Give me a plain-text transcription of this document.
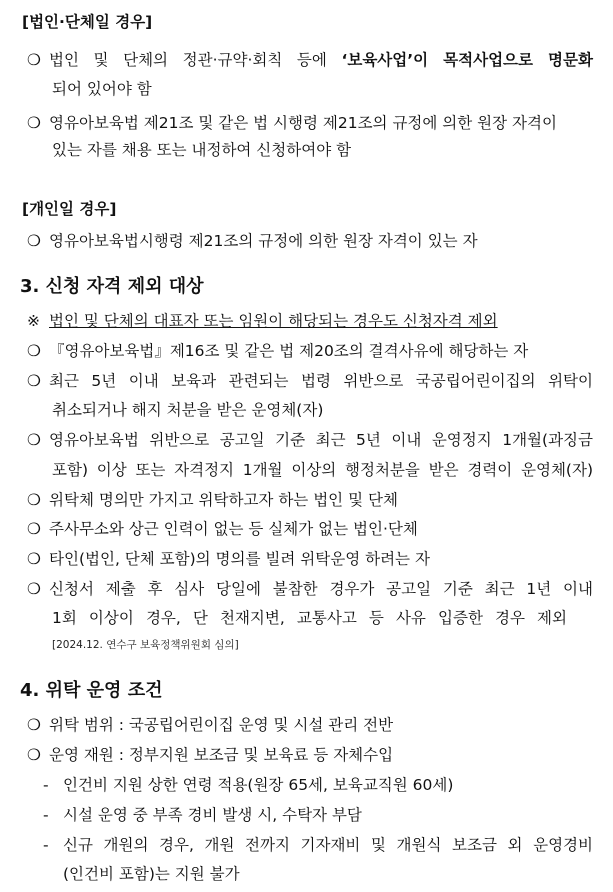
[법인·단체일 경우]
❍ 법인 및 단체의 정관·규약·회칙 등에 ‘보육사업’이 목적사업으로 명문화
되어 있어야 함
❍ 영유아보육법 제21조 및 같은 법 시행령 제21조의 규정에 의한 원장 자격이
있는 자를 채용 또는 내정하여 신청하여야 함
[개인일 경우]
❍ 영유아보육법시행령 제21조의 규정에 의한 원장 자격이 있는 자
3. 신청 자격 제외 대상
※ 법인 및 단체의 대표자 또는 임원이 해당되는 경우도 신청자격 제외
❍ 『영유아보육법』제16조 및 같은 법 제20조의 결격사유에 해당하는 자
❍ 최근 5년 이내 보육과 관련되는 법령 위반으로 국공립어린이집의 위탁이
취소되거나 해지 처분을 받은 운영체(자)
❍ 영유아보육법 위반으로 공고일 기준 최근 5년 이내 운영정지 1개월(과징금
포함) 이상 또는 자격정지 1개월 이상의 행정처분을 받은 경력이 운영체(자)
❍ 위탁체 명의만 가지고 위탁하고자 하는 법인 및 단체
❍ 주사무소와 상근 인력이 없는 등 실체가 없는 법인·단체
❍ 타인(법인, 단체 포함)의 명의를 빌려 위탁운영 하려는 자
❍ 신청서 제출 후 심사 당일에 불참한 경우가 공고일 기준 최근 1년 이내
1회 이상이 경우, 단 천재지변, 교통사고 등 사유 입증한 경우 제외
[2024.12. 연수구 보육정책위원회 심의]
4. 위탁 운영 조건
❍ 위탁 범위 : 국공립어린이집 운영 및 시설 관리 전반
❍ 운영 재원 : 정부지원 보조금 및 보육료 등 자체수입
- 인건비 지원 상한 연령 적용(원장 65세, 보육교직원 60세)
- 시설 운영 중 부족 경비 발생 시, 수탁자 부담
- 신규 개원의 경우, 개원 전까지 기자재비 및 개원식 보조금 외 운영경비
(인건비 포함)는 지원 불가
